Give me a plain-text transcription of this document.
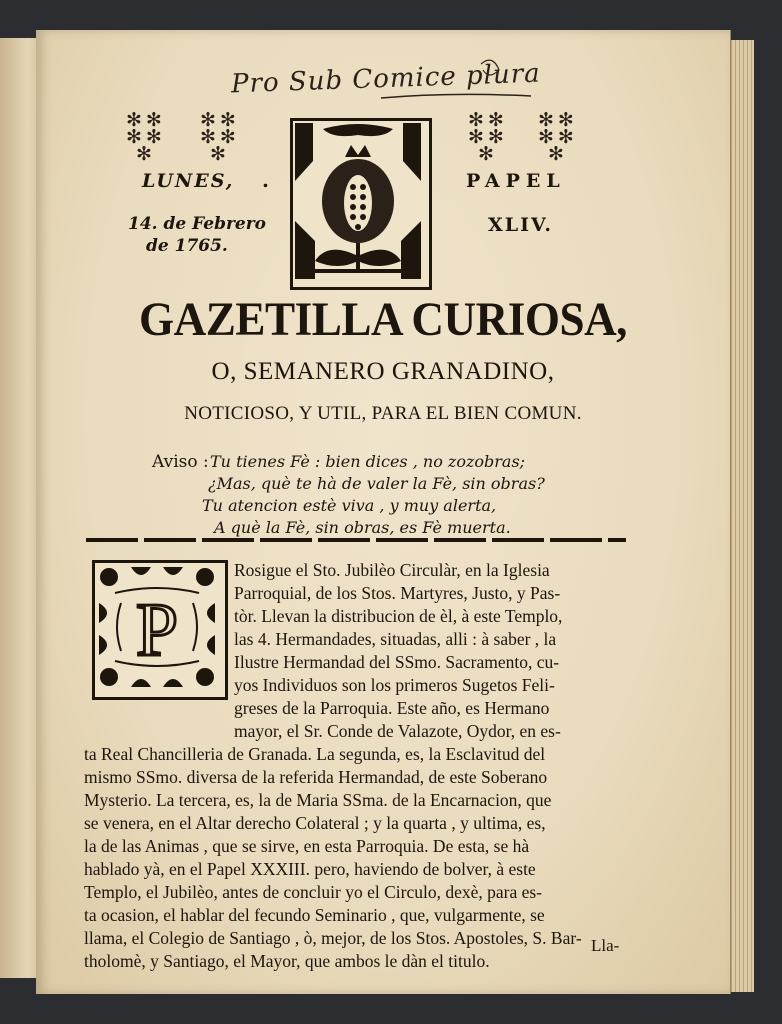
Pro Sub Comice plura
✻✻
✻✻
✻
✻✻
✻✻
✻
✻✻
✻✻
✻
✻✻
✻✻
✻
LUNES, .
14. de Febrero
de 1765.
PAPEL
XLIV.
GAZETILLA CURIOSA,
O, SEMANERO GRANADINO,
NOTICIOSO, Y UTIL, PARA EL BIEN COMUN.
Aviso : Tu tienes Fè : bien dices , no zozobras;
¿Mas, què te hà de valer la Fè, sin obras?
Tu atencion estè viva , y muy alerta,
A què la Fè, sin obras, es Fè muerta.
P
Rosigue el Sto. Jubilèo Circulàr, en la Iglesia
Parroquial, de los Stos. Martyres, Justo, y Pas-
tòr. Llevan la distribucion de èl, à este Templo,
las 4. Hermandades, situadas, alli : à saber , la
Ilustre Hermandad del SSmo. Sacramento, cu-
yos Individuos son los primeros Sugetos Feli-
greses de la Parroquia. Este año, es Hermano
mayor, el Sr. Conde de Valazote, Oydor, en es-
ta Real Chancilleria de Granada. La segunda, es, la Esclavitud del
mismo SSmo. diversa de la referida Hermandad, de este Soberano
Mysterio. La tercera, es, la de Maria SSma. de la Encarnacion, que
se venera, en el Altar derecho Colateral ; y la quarta , y ultima, es,
la de las Animas , que se sirve, en esta Parroquia. De esta, se hà
hablado yà, en el Papel XXXIII. pero, haviendo de bolver, à este
Templo, el Jubilèo, antes de concluir yo el Circulo, dexè, para es-
ta ocasion, el hablar del fecundo Seminario , que, vulgarmente, se
llama, el Colegio de Santiago , ò, mejor, de los Stos. Apostoles, S. Bar-
tholomè, y Santiago, el Mayor, que ambos le dàn el titulo.
Lla-
